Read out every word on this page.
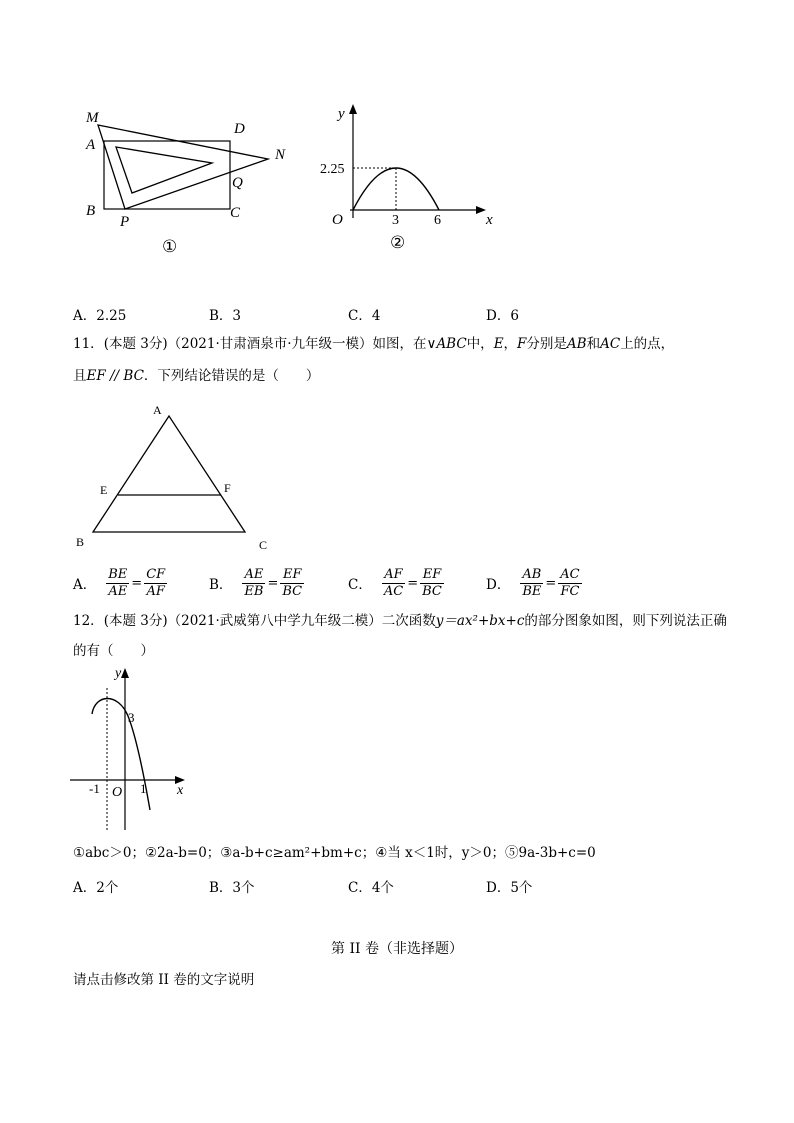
M
A
D
N
Q
B
P
C
①
y
2.25
O	3	6	x
②
A．2.25	B．3	C．4	D．6
11．(本题 3分)（2021·甘肃酒泉市·九年级一模）如图，在∨ABC中，E，F分别是AB和AC上的点，
且EF // BC．下列结论错误的是（　　）
A
E	F
B	C
A． $\frac{BE}{AE} = \frac{CF}{AF}$	B． $\frac{AE}{EB} = \frac{EF}{BC}$	C． $\frac{AF}{AC} = \frac{EF}{BC}$	D． $\frac{AB}{BE} = \frac{AC}{FC}$
12．(本题 3分)（2021·武威第八中学九年级二模）二次函数y＝ax²+bx+c的部分图象如图，则下列说法正确
的有（　　）
y
3
-1 O 1 x
①abc＞0；②2a-b=0；③a-b+c≥am²+bm+c；④当 x＜1时，y＞0；⑤9a-3b+c=0
A．2个	B．3个	C．4个	D．5个
第 II 卷（非选择题）
请点击修改第 II 卷的文字说明
